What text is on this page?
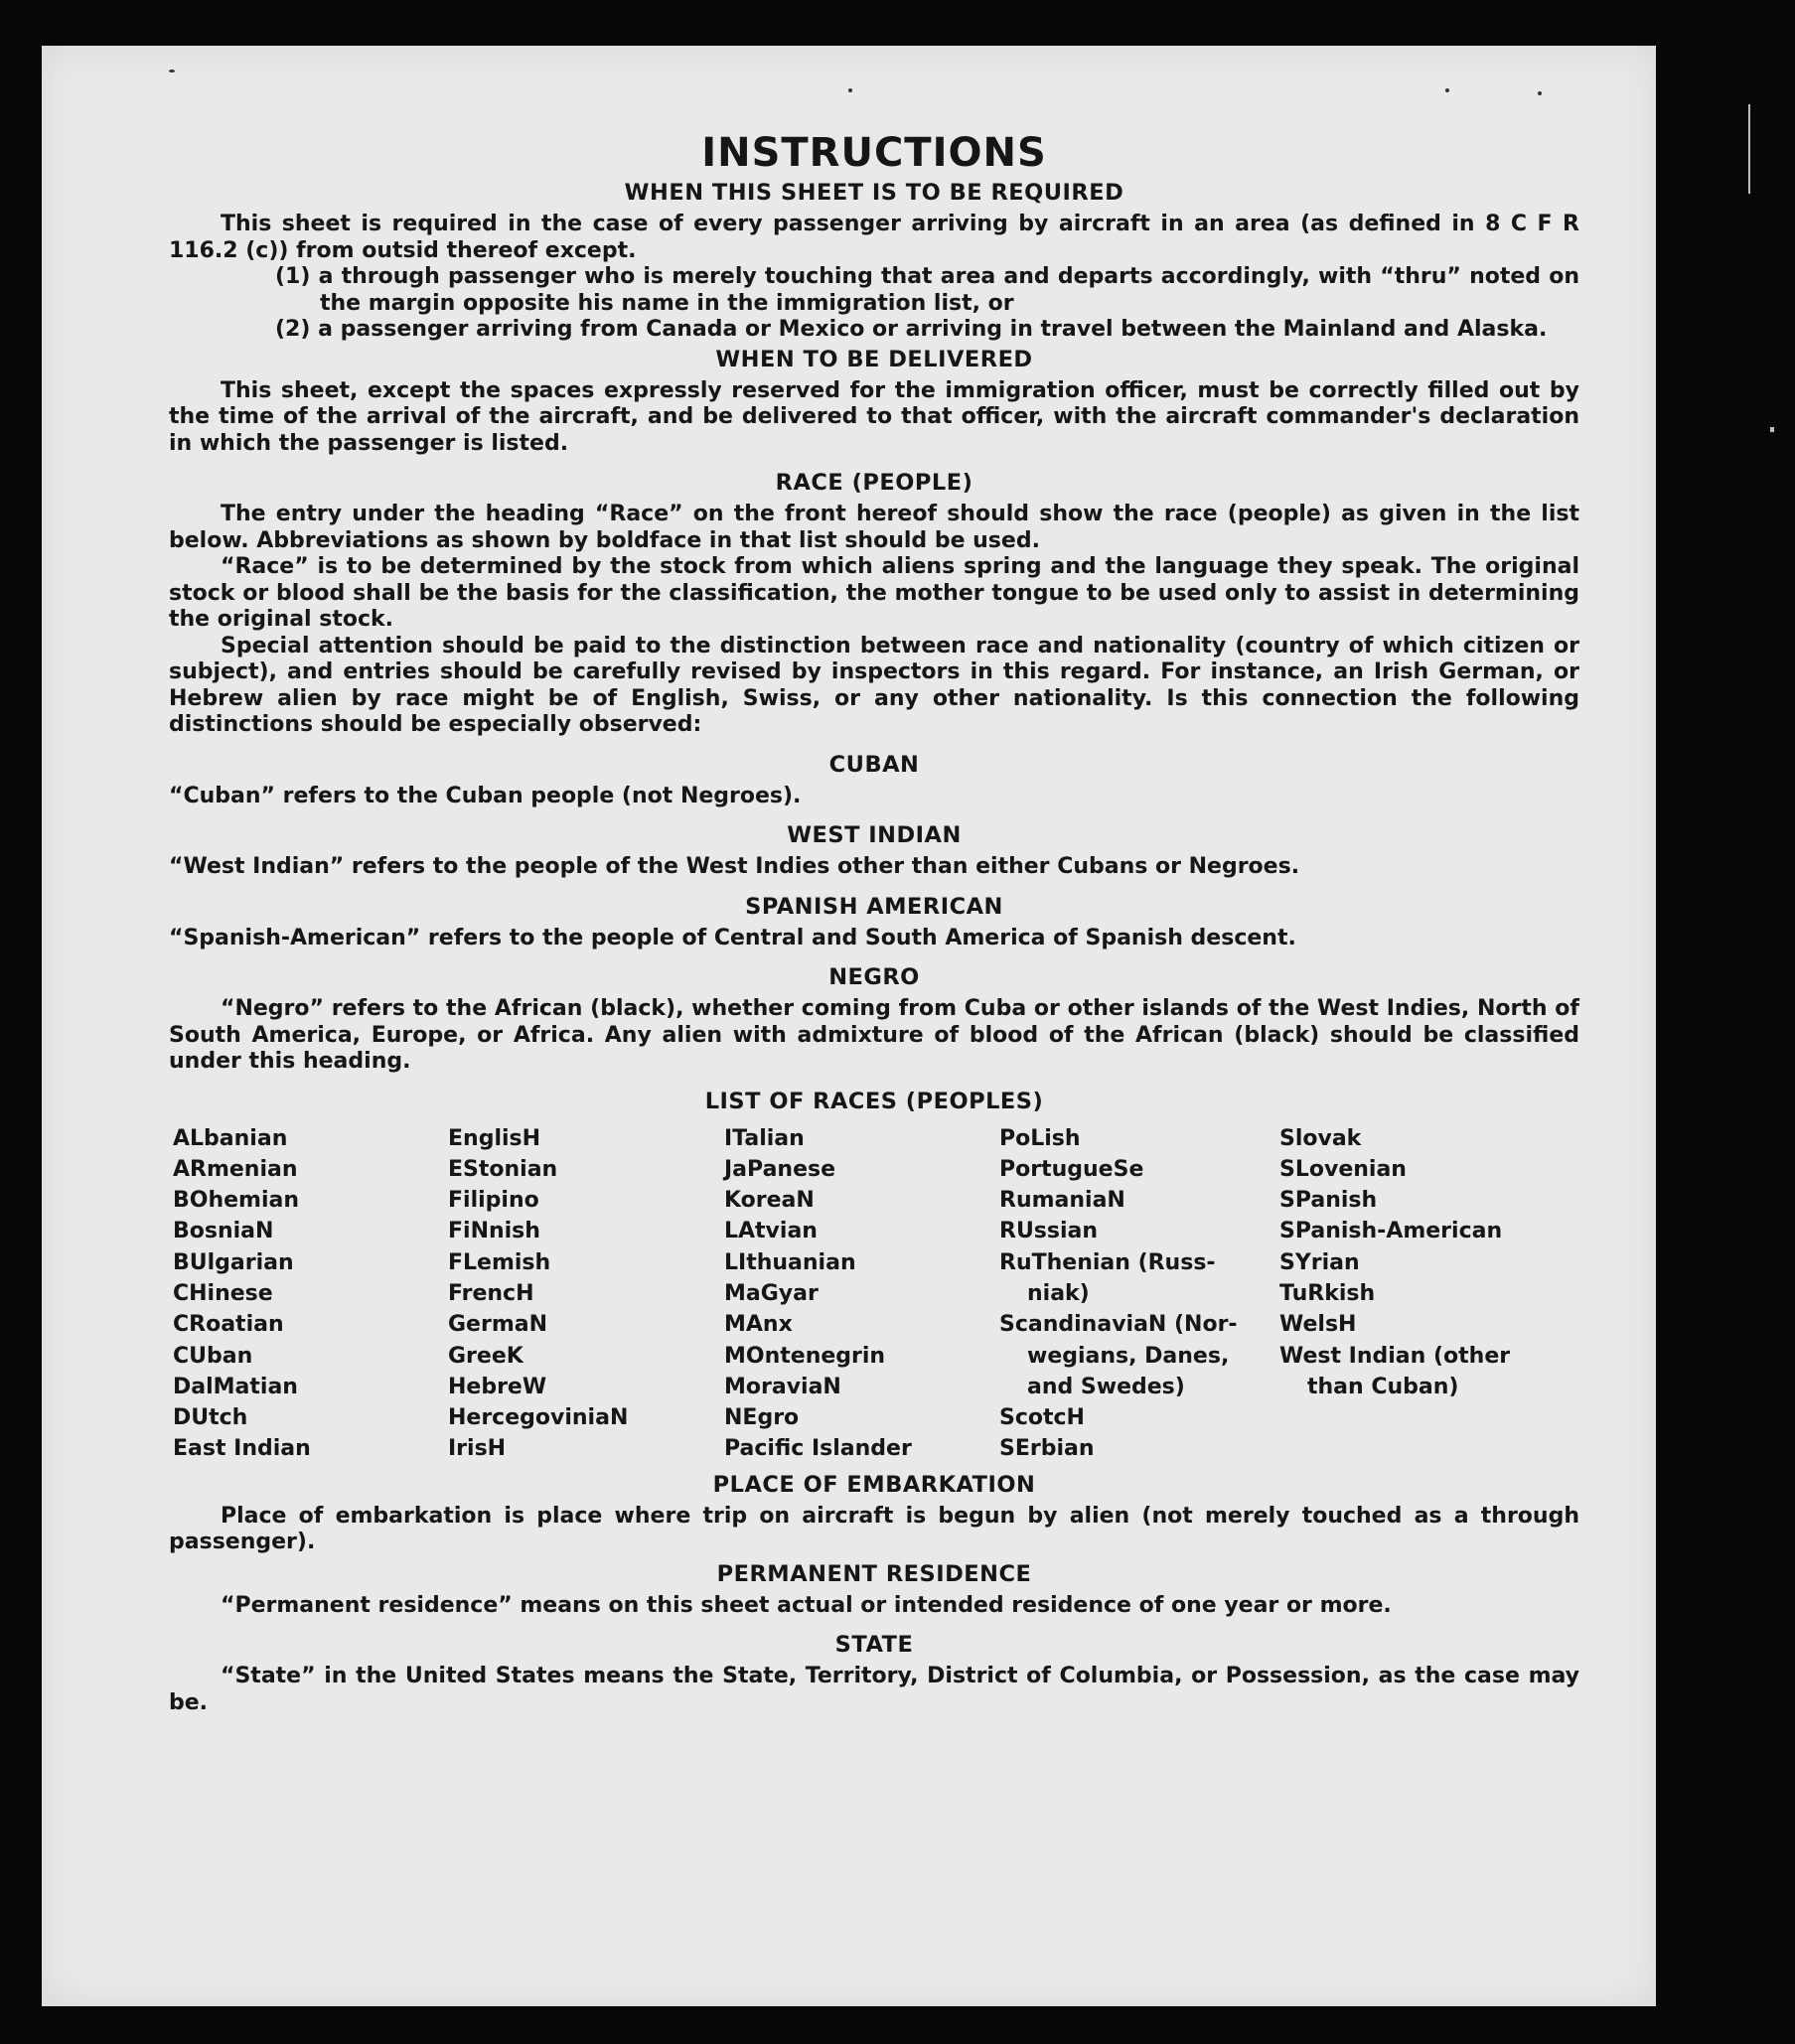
INSTRUCTIONS
WHEN THIS SHEET IS TO BE REQUIRED

This sheet is required in the case of every passenger arriving by aircraft in an area (as defined in 8 C F R 116.2 (c)) from outsid thereof except.

(1) a through passenger who is merely touching that area and departs accordingly, with “thru” noted on the margin opposite his name in the immigration list, or

(2) a passenger arriving from Canada or Mexico or arriving in travel between the Mainland and Alaska.

WHEN TO BE DELIVERED

This sheet, except the spaces expressly reserved for the immigration officer, must be correctly filled out by the time of the arrival of the aircraft, and be delivered to that officer, with the aircraft commander's declaration in which the passenger is listed.

RACE (PEOPLE)

The entry under the heading “Race” on the front hereof should show the race (people) as given in the list below. Abbreviations as shown by boldface in that list should be used.

“Race” is to be determined by the stock from which aliens spring and the language they speak. The original stock or blood shall be the basis for the classification, the mother tongue to be used only to assist in determining the original stock.

Special attention should be paid to the distinction between race and nationality (country of which citizen or subject), and entries should be carefully revised by inspectors in this regard. For instance, an Irish German, or Hebrew alien by race might be of English, Swiss, or any other nationality. Is this connection the following distinctions should be especially observed:

CUBAN

“Cuban” refers to the Cuban people (not Negroes).

WEST INDIAN

“West Indian” refers to the people of the West Indies other than either Cubans or Negroes.

SPANISH AMERICAN

“Spanish-American” refers to the people of Central and South America of Spanish descent.

NEGRO

“Negro” refers to the African (black), whether coming from Cuba or other islands of the West Indies, North of South America, Europe, or Africa. Any alien with admixture of blood of the African (black) should be classified under this heading.

LIST OF RACES (PEOPLES)
ALbanian
ARmenian
BOhemian
BosniaN
BUlgarian
CHinese
CRoatian
CUban
DalMatian
DUtch
East Indian
EnglisH
EStonian
Filipino
FiNnish
FLemish
FrencH
GermaN
GreeK
HebreW
HercegoviniaN
IrisH
ITalian
JaPanese
KoreaN
LAtvian
LIthuanian
MaGyar
MAnx
MOntenegrin
MoraviaN
NEgro
Pacific Islander
PoLish
PortugueSe
RumaniaN
RUssian
RuThenian (Russ-
niak)
ScandinaviaN (Nor-
wegians, Danes,
and Swedes)
ScotcH
SErbian
Slovak
SLovenian
SPanish
SPanish-American
SYrian
TuRkish
WelsH
West Indian (other
than Cuban)
PLACE OF EMBARKATION

Place of embarkation is place where trip on aircraft is begun by alien (not merely touched as a through passenger).

PERMANENT RESIDENCE

“Permanent residence” means on this sheet actual or intended residence of one year or more.

STATE

“State” in the United States means the State, Territory, District of Columbia, or Possession, as the case may be.
